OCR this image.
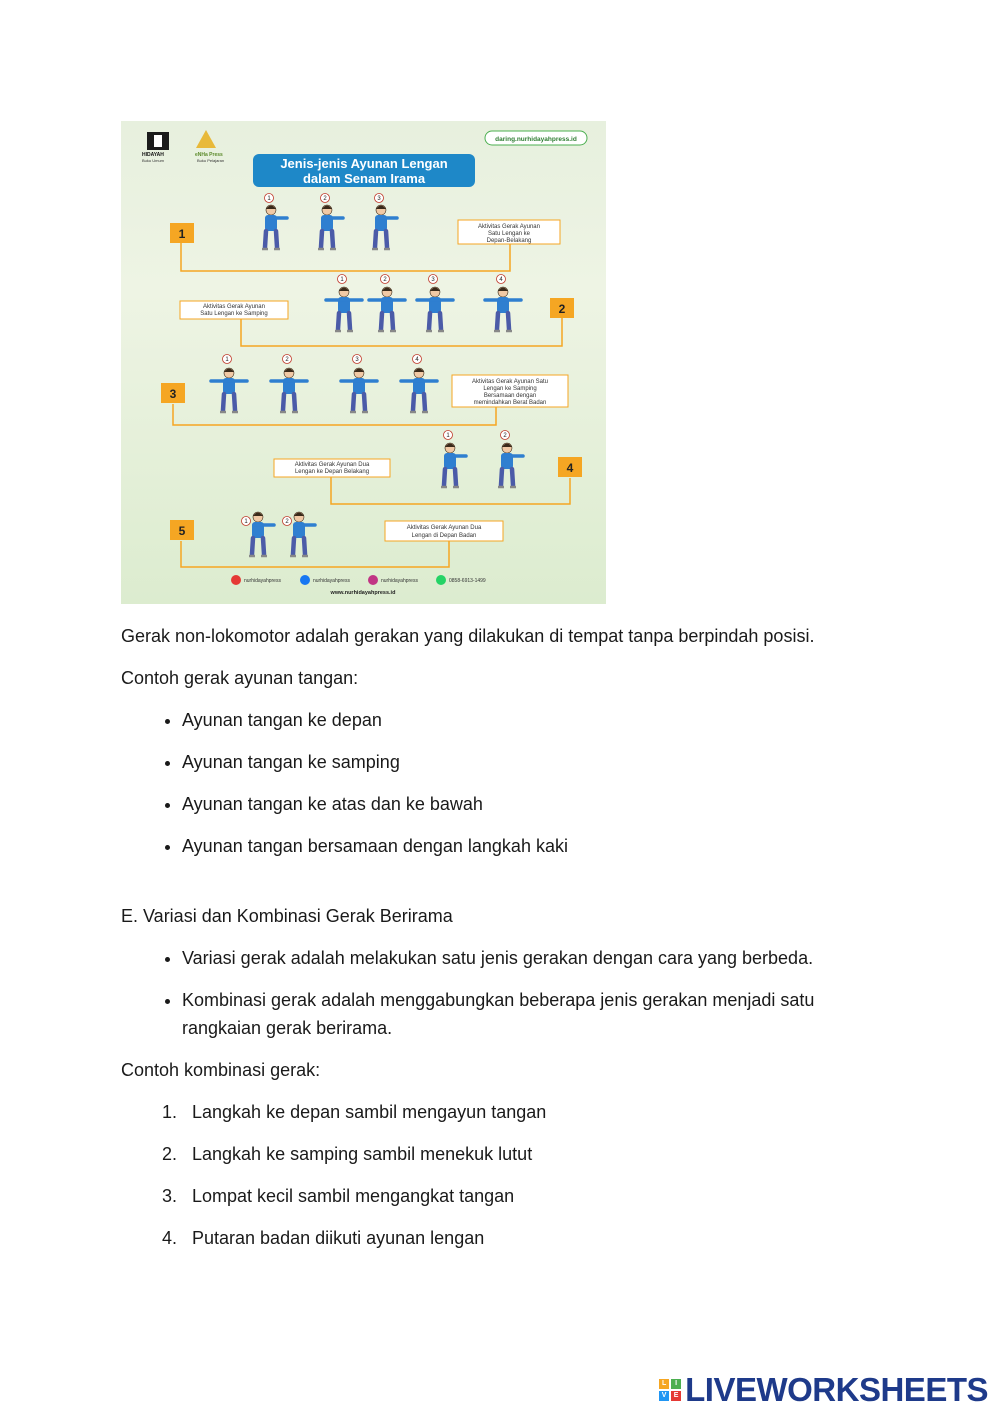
HIDAYAH
Buku Umum
eNHa Press
Buku Pelajaran
daring.nurhidayahpress.id
Jenis-jenis Ayunan Lengan
dalam Senam Irama
1
2
3
4
5
Aktivitas Gerak Ayunan
Satu Lengan ke
Depan-Belakang
Aktivitas Gerak Ayunan
Satu Lengan ke Samping
Aktivitas Gerak Ayunan Satu
Lengan ke Samping
Bersamaan dengan
memindahkan Berat Badan
Aktivitas Gerak Ayunan Dua
Lengan ke Depan Belakang
Aktivitas Gerak Ayunan Dua
Lengan di Depan Badan
1	2	3
1	2	3	4
1	2	3	4
1	2
1	2
nurhidayahpress	nurhidayahpress	nurhidayahpress	0858-6913-1499
www.nurhidayahpress.id

Gerak non-lokomotor adalah gerakan yang dilakukan di tempat tanpa berpindah posisi.

Contoh gerak ayunan tangan:

• Ayunan tangan ke depan
• Ayunan tangan ke samping
• Ayunan tangan ke atas dan ke bawah
• Ayunan tangan bersamaan dengan langkah kaki

E. Variasi dan Kombinasi Gerak Berirama

• Variasi gerak adalah melakukan satu jenis gerakan dengan cara yang berbeda.
• Kombinasi gerak adalah menggabungkan beberapa jenis gerakan menjadi satu rangkaian gerak berirama.

Contoh kombinasi gerak:

1. Langkah ke depan sambil mengayun tangan
2. Langkah ke samping sambil menekuk lutut
3. Lompat kecil sambil mengangkat tangan
4. Putaran badan diikuti ayunan lengan
L	I
V	E LIVEWORKSHEETS
